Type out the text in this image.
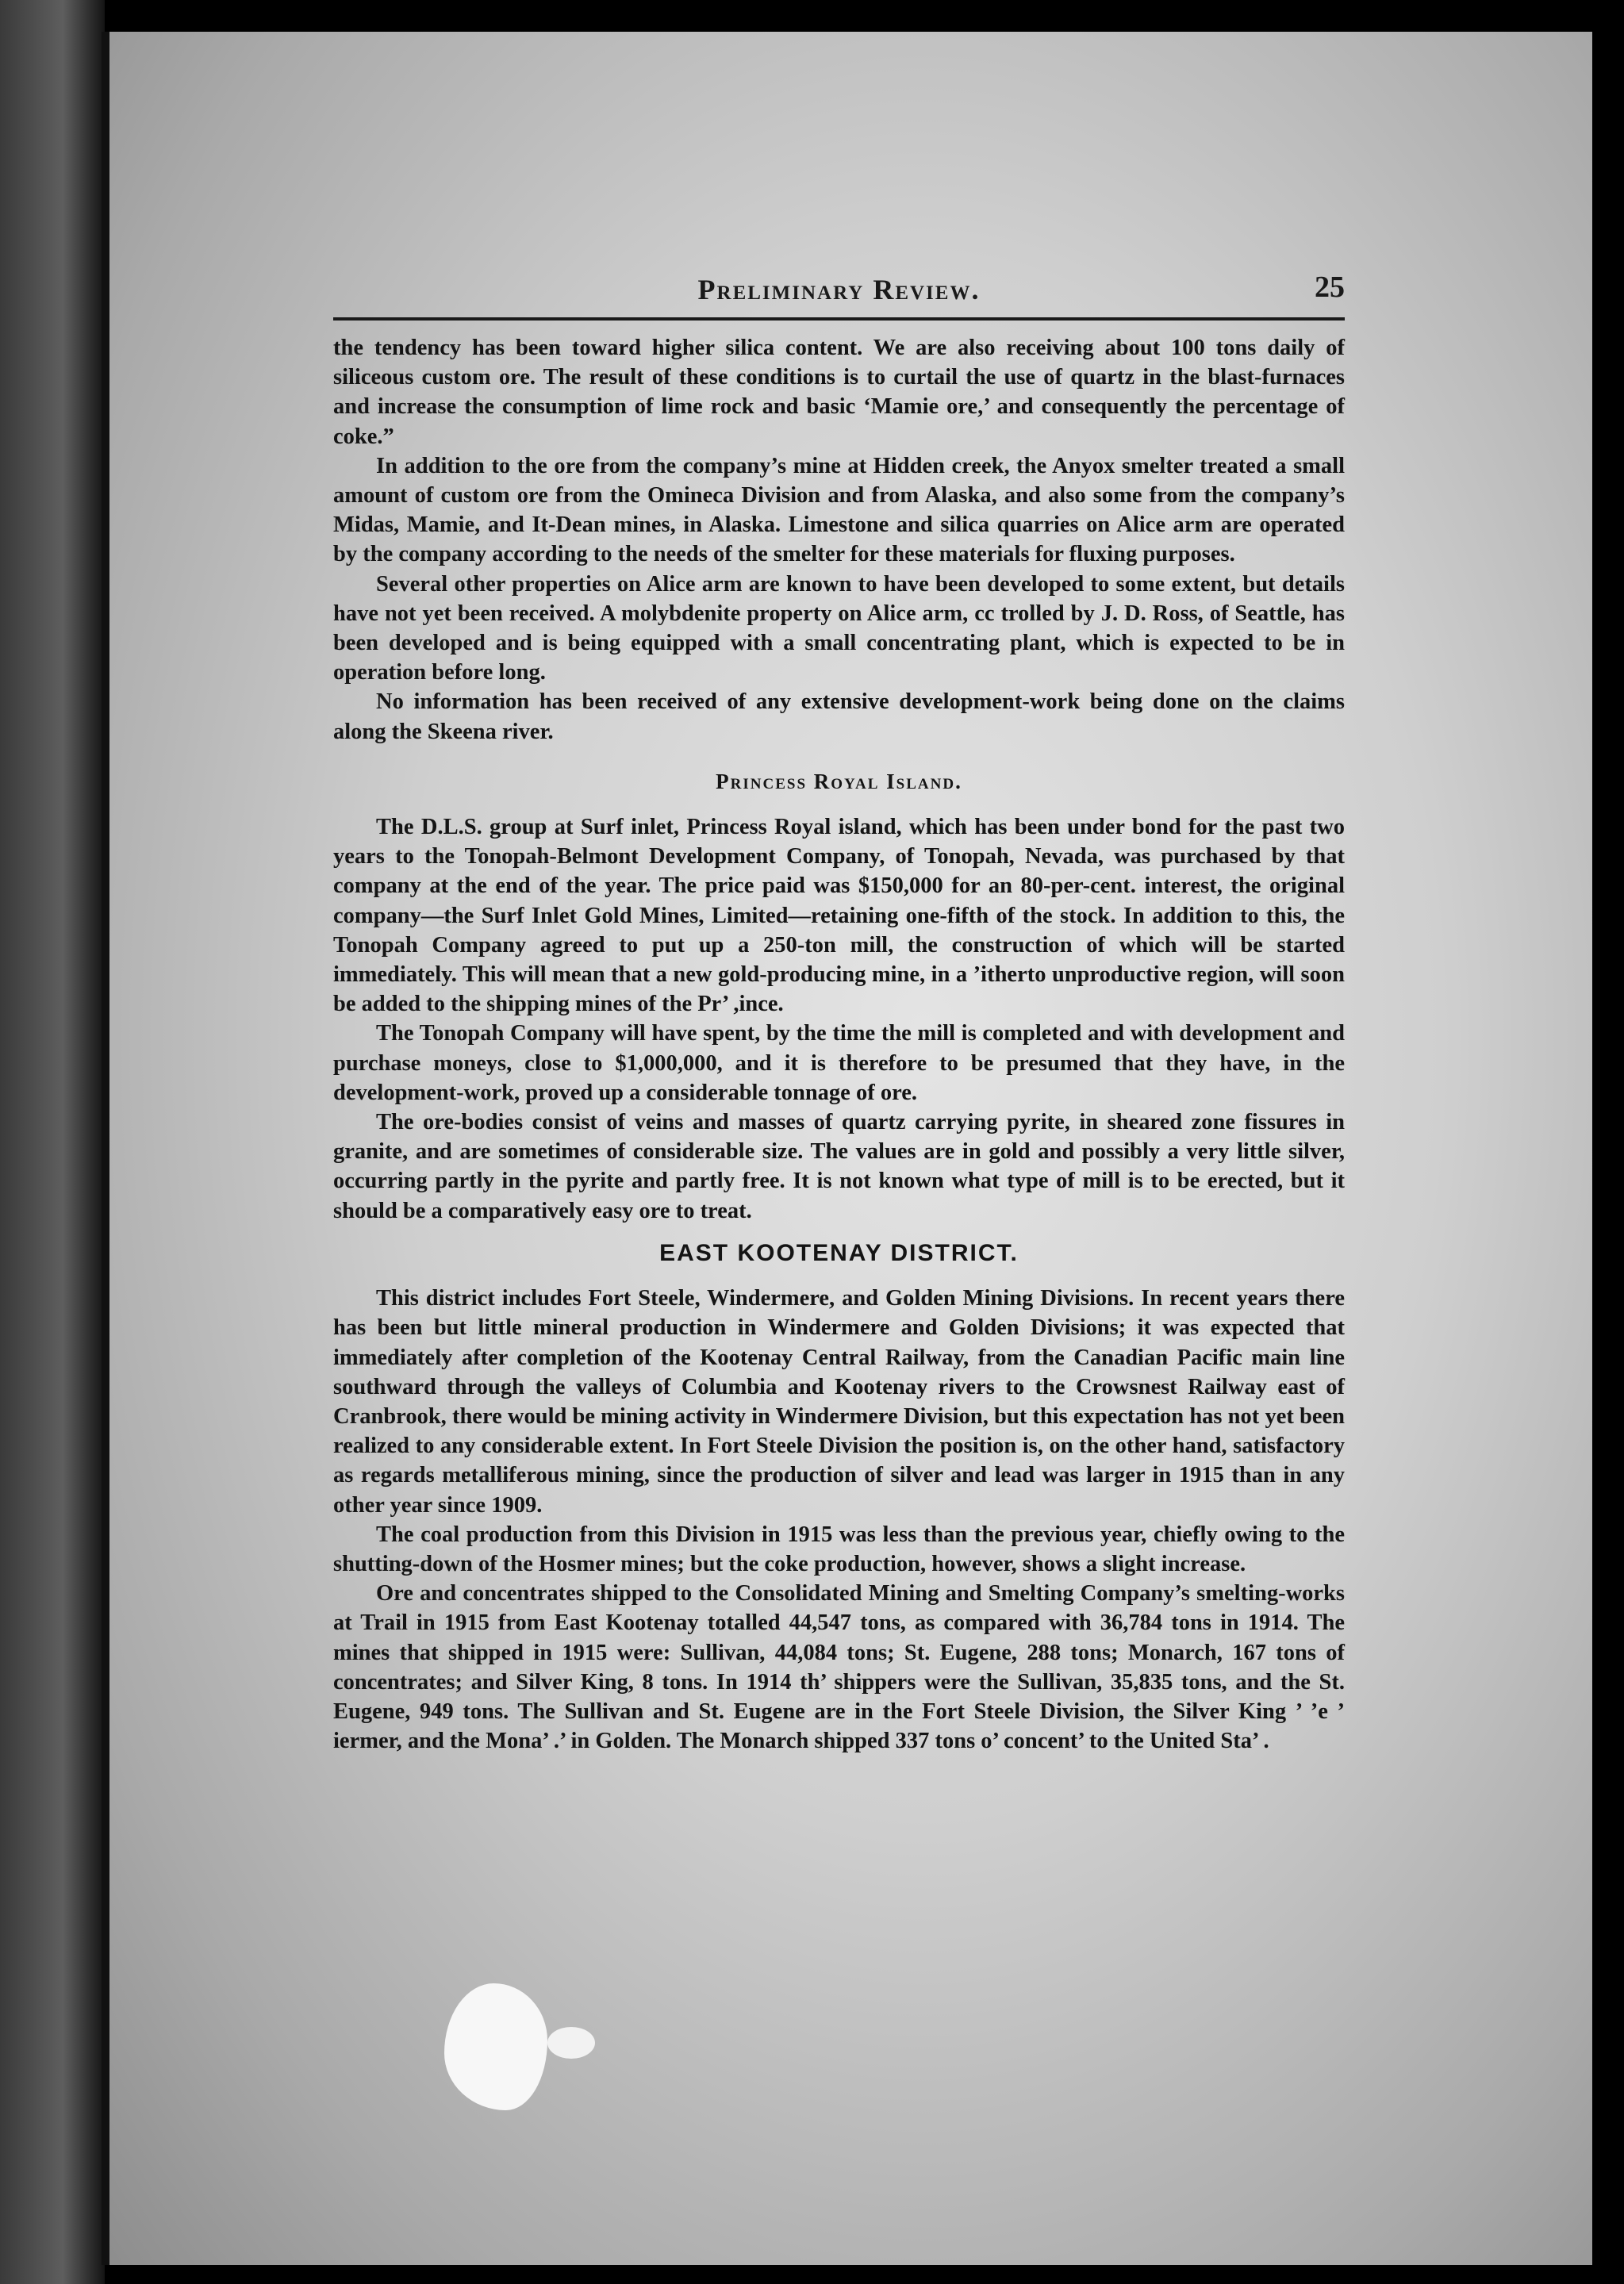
Preliminary Review.	25

the tendency has been toward higher silica content. We are also receiving about 100 tons daily of siliceous custom ore. The result of these conditions is to curtail the use of quartz in the blast-furnaces and increase the consumption of lime rock and basic ‘Mamie ore,’ and consequently the percentage of coke.”

In addition to the ore from the company’s mine at Hidden creek, the Anyox smelter treated a small amount of custom ore from the Omineca Division and from Alaska, and also some from the company’s Midas, Mamie, and It-Dean mines, in Alaska. Limestone and silica quarries on Alice arm are operated by the company according to the needs of the smelter for these materials for fluxing purposes.

Several other properties on Alice arm are known to have been developed to some extent, but details have not yet been received. A molybdenite property on Alice arm, cc trolled by J. D. Ross, of Seattle, has been developed and is being equipped with a small concentrating plant, which is expected to be in operation before long.

No information has been received of any extensive development-work being done on the claims along the Skeena river.

Princess Royal Island.

The D.L.S. group at Surf inlet, Princess Royal island, which has been under bond for the past two years to the Tonopah-Belmont Development Company, of Tonopah, Nevada, was purchased by that company at the end of the year. The price paid was $150,000 for an 80-per-cent. interest, the original company—the Surf Inlet Gold Mines, Limited—retaining one-fifth of the stock. In addition to this, the Tonopah Company agreed to put up a 250-ton mill, the construction of which will be started immediately. This will mean that a new gold-producing mine, in a ’itherto unproductive region, will soon be added to the shipping mines of the Pr’ ,ince.

The Tonopah Company will have spent, by the time the mill is completed and with development and purchase moneys, close to $1,000,000, and it is therefore to be presumed that they have, in the development-work, proved up a considerable tonnage of ore.

The ore-bodies consist of veins and masses of quartz carrying pyrite, in sheared zone fissures in granite, and are sometimes of considerable size. The values are in gold and possibly a very little silver, occurring partly in the pyrite and partly free. It is not known what type of mill is to be erected, but it should be a comparatively easy ore to treat.

EAST KOOTENAY DISTRICT.

This district includes Fort Steele, Windermere, and Golden Mining Divisions. In recent years there has been but little mineral production in Windermere and Golden Divisions; it was expected that immediately after completion of the Kootenay Central Railway, from the Canadian Pacific main line southward through the valleys of Columbia and Kootenay rivers to the Crowsnest Railway east of Cranbrook, there would be mining activity in Windermere Division, but this expectation has not yet been realized to any considerable extent. In Fort Steele Division the position is, on the other hand, satisfactory as regards metalliferous mining, since the production of silver and lead was larger in 1915 than in any other year since 1909.

The coal production from this Division in 1915 was less than the previous year, chiefly owing to the shutting-down of the Hosmer mines; but the coke production, however, shows a slight increase.

Ore and concentrates shipped to the Consolidated Mining and Smelting Company’s smelting-works at Trail in 1915 from East Kootenay totalled 44,547 tons, as compared with 36,784 tons in 1914. The mines that shipped in 1915 were: Sullivan, 44,084 tons; St. Eugene, 288 tons; Monarch, 167 tons of concentrates; and Silver King, 8 tons. In 1914 th’ shippers were the Sullivan, 35,835 tons, and the St. Eugene, 949 tons. The Sullivan and St. Eugene are in the Fort Steele Division, the Silver King ’ ’e ’ iermer, and the Mona’ .’ in Golden. The Monarch shipped 337 tons o’ concent’ to the United Sta’ .
